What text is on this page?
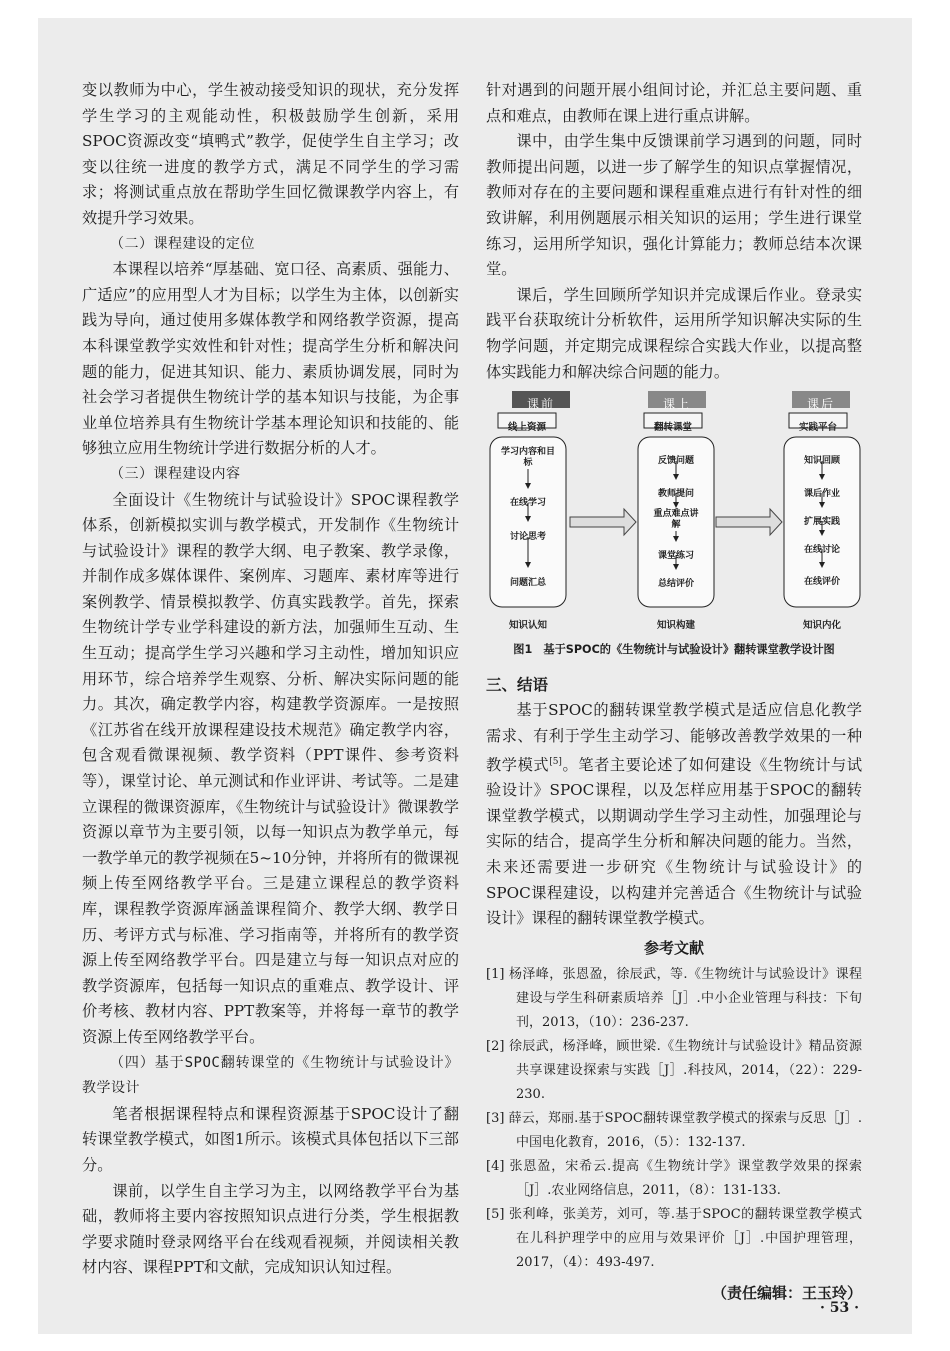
变以教师为中心，学生被动接受知识的现状，充分发挥学生学习的主观能动性，积极鼓励学生创新，采用SPOC资源改变“填鸭式”教学，促使学生自主学习；改变以往统一进度的教学方式，满足不同学生的学习需求；将测试重点放在帮助学生回忆微课教学内容上，有效提升学习效果。

（二）课程建设的定位

本课程以培养“厚基础、宽口径、高素质、强能力、广适应”的应用型人才为目标；以学生为主体，以创新实践为导向，通过使用多媒体教学和网络教学资源，提高本科课堂教学实效性和针对性；提高学生分析和解决问题的能力，促进其知识、能力、素质协调发展，同时为社会学习者提供生物统计学的基本知识与技能，为企事业单位培养具有生物统计学基本理论知识和技能的、能够独立应用生物统计学进行数据分析的人才。

（三）课程建设内容

全面设计《生物统计与试验设计》SPOC课程教学体系，创新模拟实训与教学模式，开发制作《生物统计与试验设计》课程的教学大纲、电子教案、教学录像，并制作成多媒体课件、案例库、习题库、素材库等进行案例教学、情景模拟教学、仿真实践教学。首先，探索生物统计学专业学科建设的新方法，加强师生互动、生生互动；提高学生学习兴趣和学习主动性，增加知识应用环节，综合培养学生观察、分析、解决实际问题的能力。其次，确定教学内容，构建教学资源库。一是按照《江苏省在线开放课程建设技术规范》确定教学内容，包含观看微课视频、教学资料（PPT课件、参考资料等），课堂讨论、单元测试和作业评讲、考试等。二是建立课程的微课资源库，《生物统计与试验设计》微课教学资源以章节为主要引领，以每一知识点为教学单元，每一教学单元的教学视频在5~10分钟，并将所有的微课视频上传至网络教学平台。三是建立课程总的教学资料库，课程教学资源库涵盖课程简介、教学大纲、教学日历、考评方式与标准、学习指南等，并将所有的教学资源上传至网络教学平台。四是建立与每一知识点对应的教学资源库，包括每一知识点的重难点、教学设计、评价考核、教材内容、PPT教案等，并将每一章节的教学资源上传至网络教学平台。

（四）基于SPOC翻转课堂的《生物统计与试验设计》教学设计

笔者根据课程特点和课程资源基于SPOC设计了翻转课堂教学模式，如图1所示。该模式具体包括以下三部分。

课前，以学生自主学习为主，以网络教学平台为基础，教师将主要内容按照知识点进行分类，学生根据教学要求随时登录网络平台在线观看视频，并阅读相关教材内容、课程PPT和文献，完成知识认知过程。

针对遇到的问题开展小组间讨论，并汇总主要问题、重点和难点，由教师在课上进行重点讲解。

课中，由学生集中反馈课前学习遇到的问题，同时教师提出问题，以进一步了解学生的知识点掌握情况，教师对存在的主要问题和课程重难点进行有针对性的细致讲解，利用例题展示相关知识的运用；学生进行课堂练习，运用所学知识，强化计算能力；教师总结本次课堂。

课后，学生回顾所学知识并完成课后作业。登录实践平台获取统计分析软件，运用所学知识解决实际的生物学问题，并定期完成课程综合实践大作业，以提高整体实践能力和解决综合问题的能力。

课前	课上	课后
线上资源	翻转课堂	实践平台
学习内容和目标
在线学习
讨论思考
问题汇总
反馈问题
教师提问
重点难点讲解
课堂练习
总结评价
知识回顾
课后作业
扩展实践
在线讨论
在线评价
知识认知	知识构建	知识内化

图1　基于SPOC的《生物统计与试验设计》翻转课堂教学设计图

三、结语

基于SPOC的翻转课堂教学模式是适应信息化教学需求、有利于学生主动学习、能够改善教学效果的一种教学模式[5]。笔者主要论述了如何建设《生物统计与试验设计》SPOC课程，以及怎样应用基于SPOC的翻转课堂教学模式，以期调动学生学习主动性，加强理论与实际的结合，提高学生分析和解决问题的能力。当然，未来还需要进一步研究《生物统计与试验设计》的SPOC课程建设，以构建并完善适合《生物统计与试验设计》课程的翻转课堂教学模式。

参考文献

[1] 杨泽峰，张恩盈，徐辰武，等.《生物统计与试验设计》课程建设与学生科研素质培养［J］.中小企业管理与科技：下旬刊，2013，（10）：236-237.

[2] 徐辰武，杨泽峰，顾世梁.《生物统计与试验设计》精品资源共享课建设探索与实践［J］.科技风，2014，（22）：229-230.

[3] 薛云，郑丽.基于SPOC翻转课堂教学模式的探索与反思［J］.中国电化教育，2016，（5）：132-137.

[4] 张恩盈，宋希云.提高《生物统计学》课堂教学效果的探索［J］.农业网络信息，2011，（8）：131-133.

[5] 张利峰，张美芳，刘可，等.基于SPOC的翻转课堂教学模式在儿科护理学中的应用与效果评价［J］.中国护理管理，2017，（4）：493-497.

（责任编辑：王玉玲）
· 53 ·
